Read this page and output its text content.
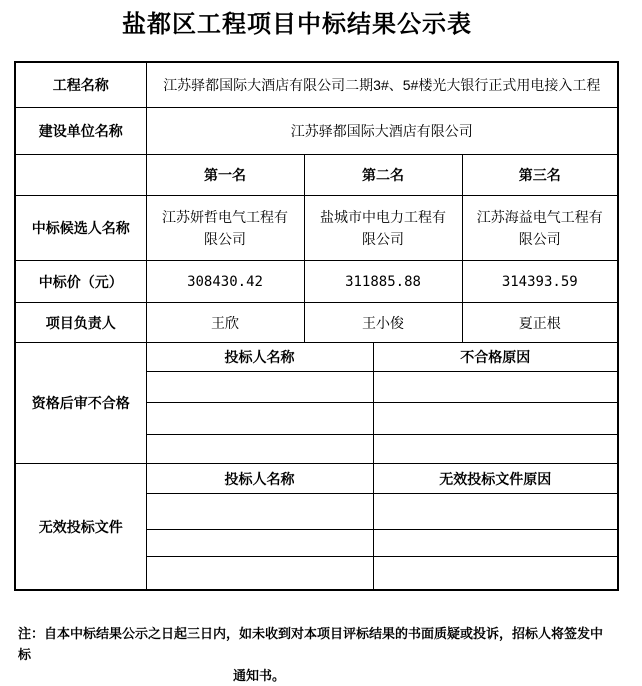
盐都区工程项目中标结果公示表
工程名称	江苏驿都国际大酒店有限公司二期3#、5#楼光大银行正式用电接入工程			
建设单位名称	江苏驿都国际大酒店有限公司			
	第一名	第二名		第三名
中标候选人名称	江苏妍哲电气工程有限公司	盐城市中电力工程有限公司		江苏海益电气工程有限公司
中标价（元）	308430.42	311885.88		314393.59
项目负责人	王欣	王小俊		夏正根
资格后审不合格	投标人名称		不合格原因	

无效投标文件	投标人名称		无效投标文件原因	

注：自本中标结果公示之日起三日内，如未收到对本项目评标结果的书面质疑或投诉，招标人将签发中标
通知书。
